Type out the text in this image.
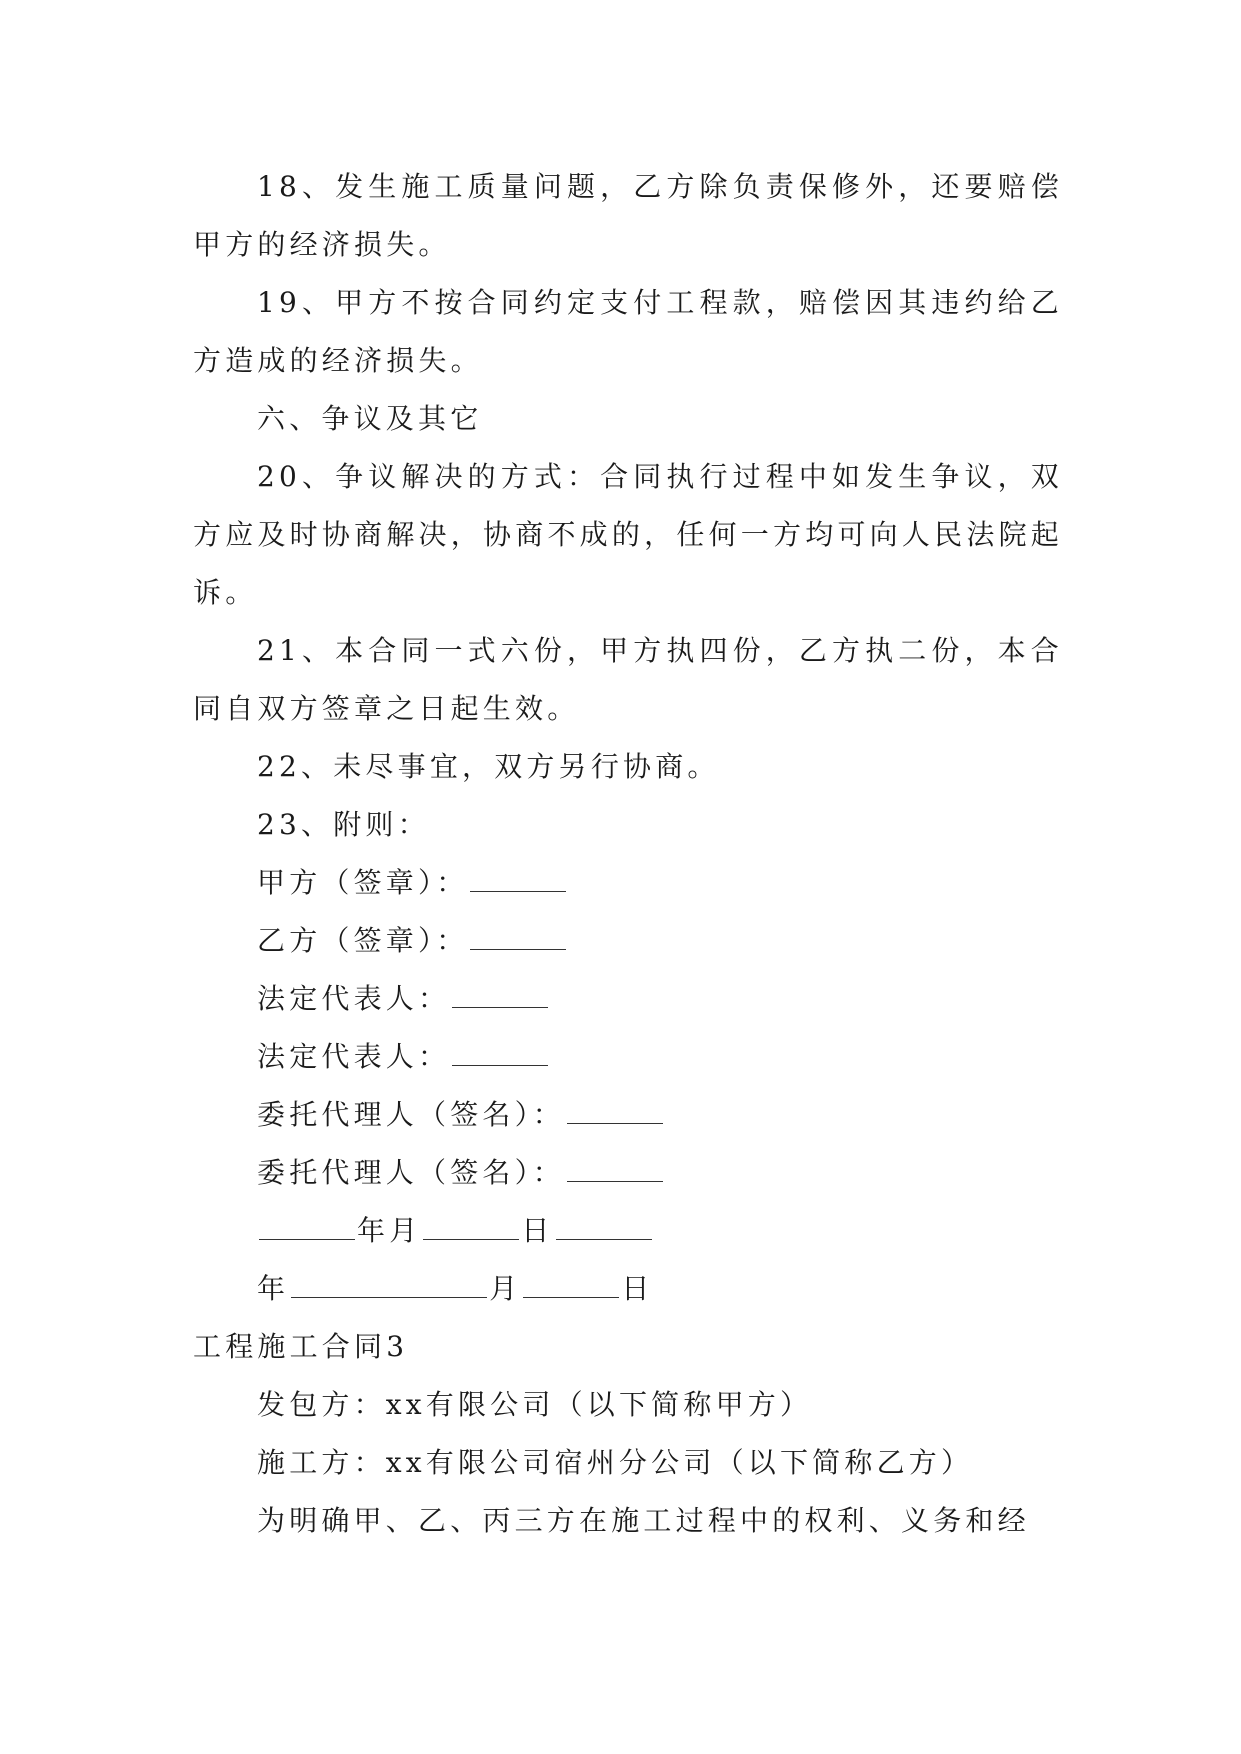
18、发生施工质量问题，乙方除负责保修外，还要赔偿甲方的经济损失。

19、甲方不按合同约定支付工程款，赔偿因其违约给乙方造成的经济损失。

六、争议及其它

20、争议解决的方式：合同执行过程中如发生争议，双方应及时协商解决，协商不成的，任何一方均可向人民法院起诉。

21、本合同一式六份，甲方执四份，乙方执二份，本合同自双方签章之日起生效。

22、未尽事宜，双方另行协商。

23、附则：

甲方（签章）：

乙方（签章）：

法定代表人：

法定代表人：

委托代理人（签名）：

委托代理人（签名）：

年月	日

年	月	日

工程施工合同3

发包方：xx有限公司（以下简称甲方）

施工方：xx有限公司宿州分公司（以下简称乙方）

为明确甲、乙、丙三方在施工过程中的权利、义务和经
